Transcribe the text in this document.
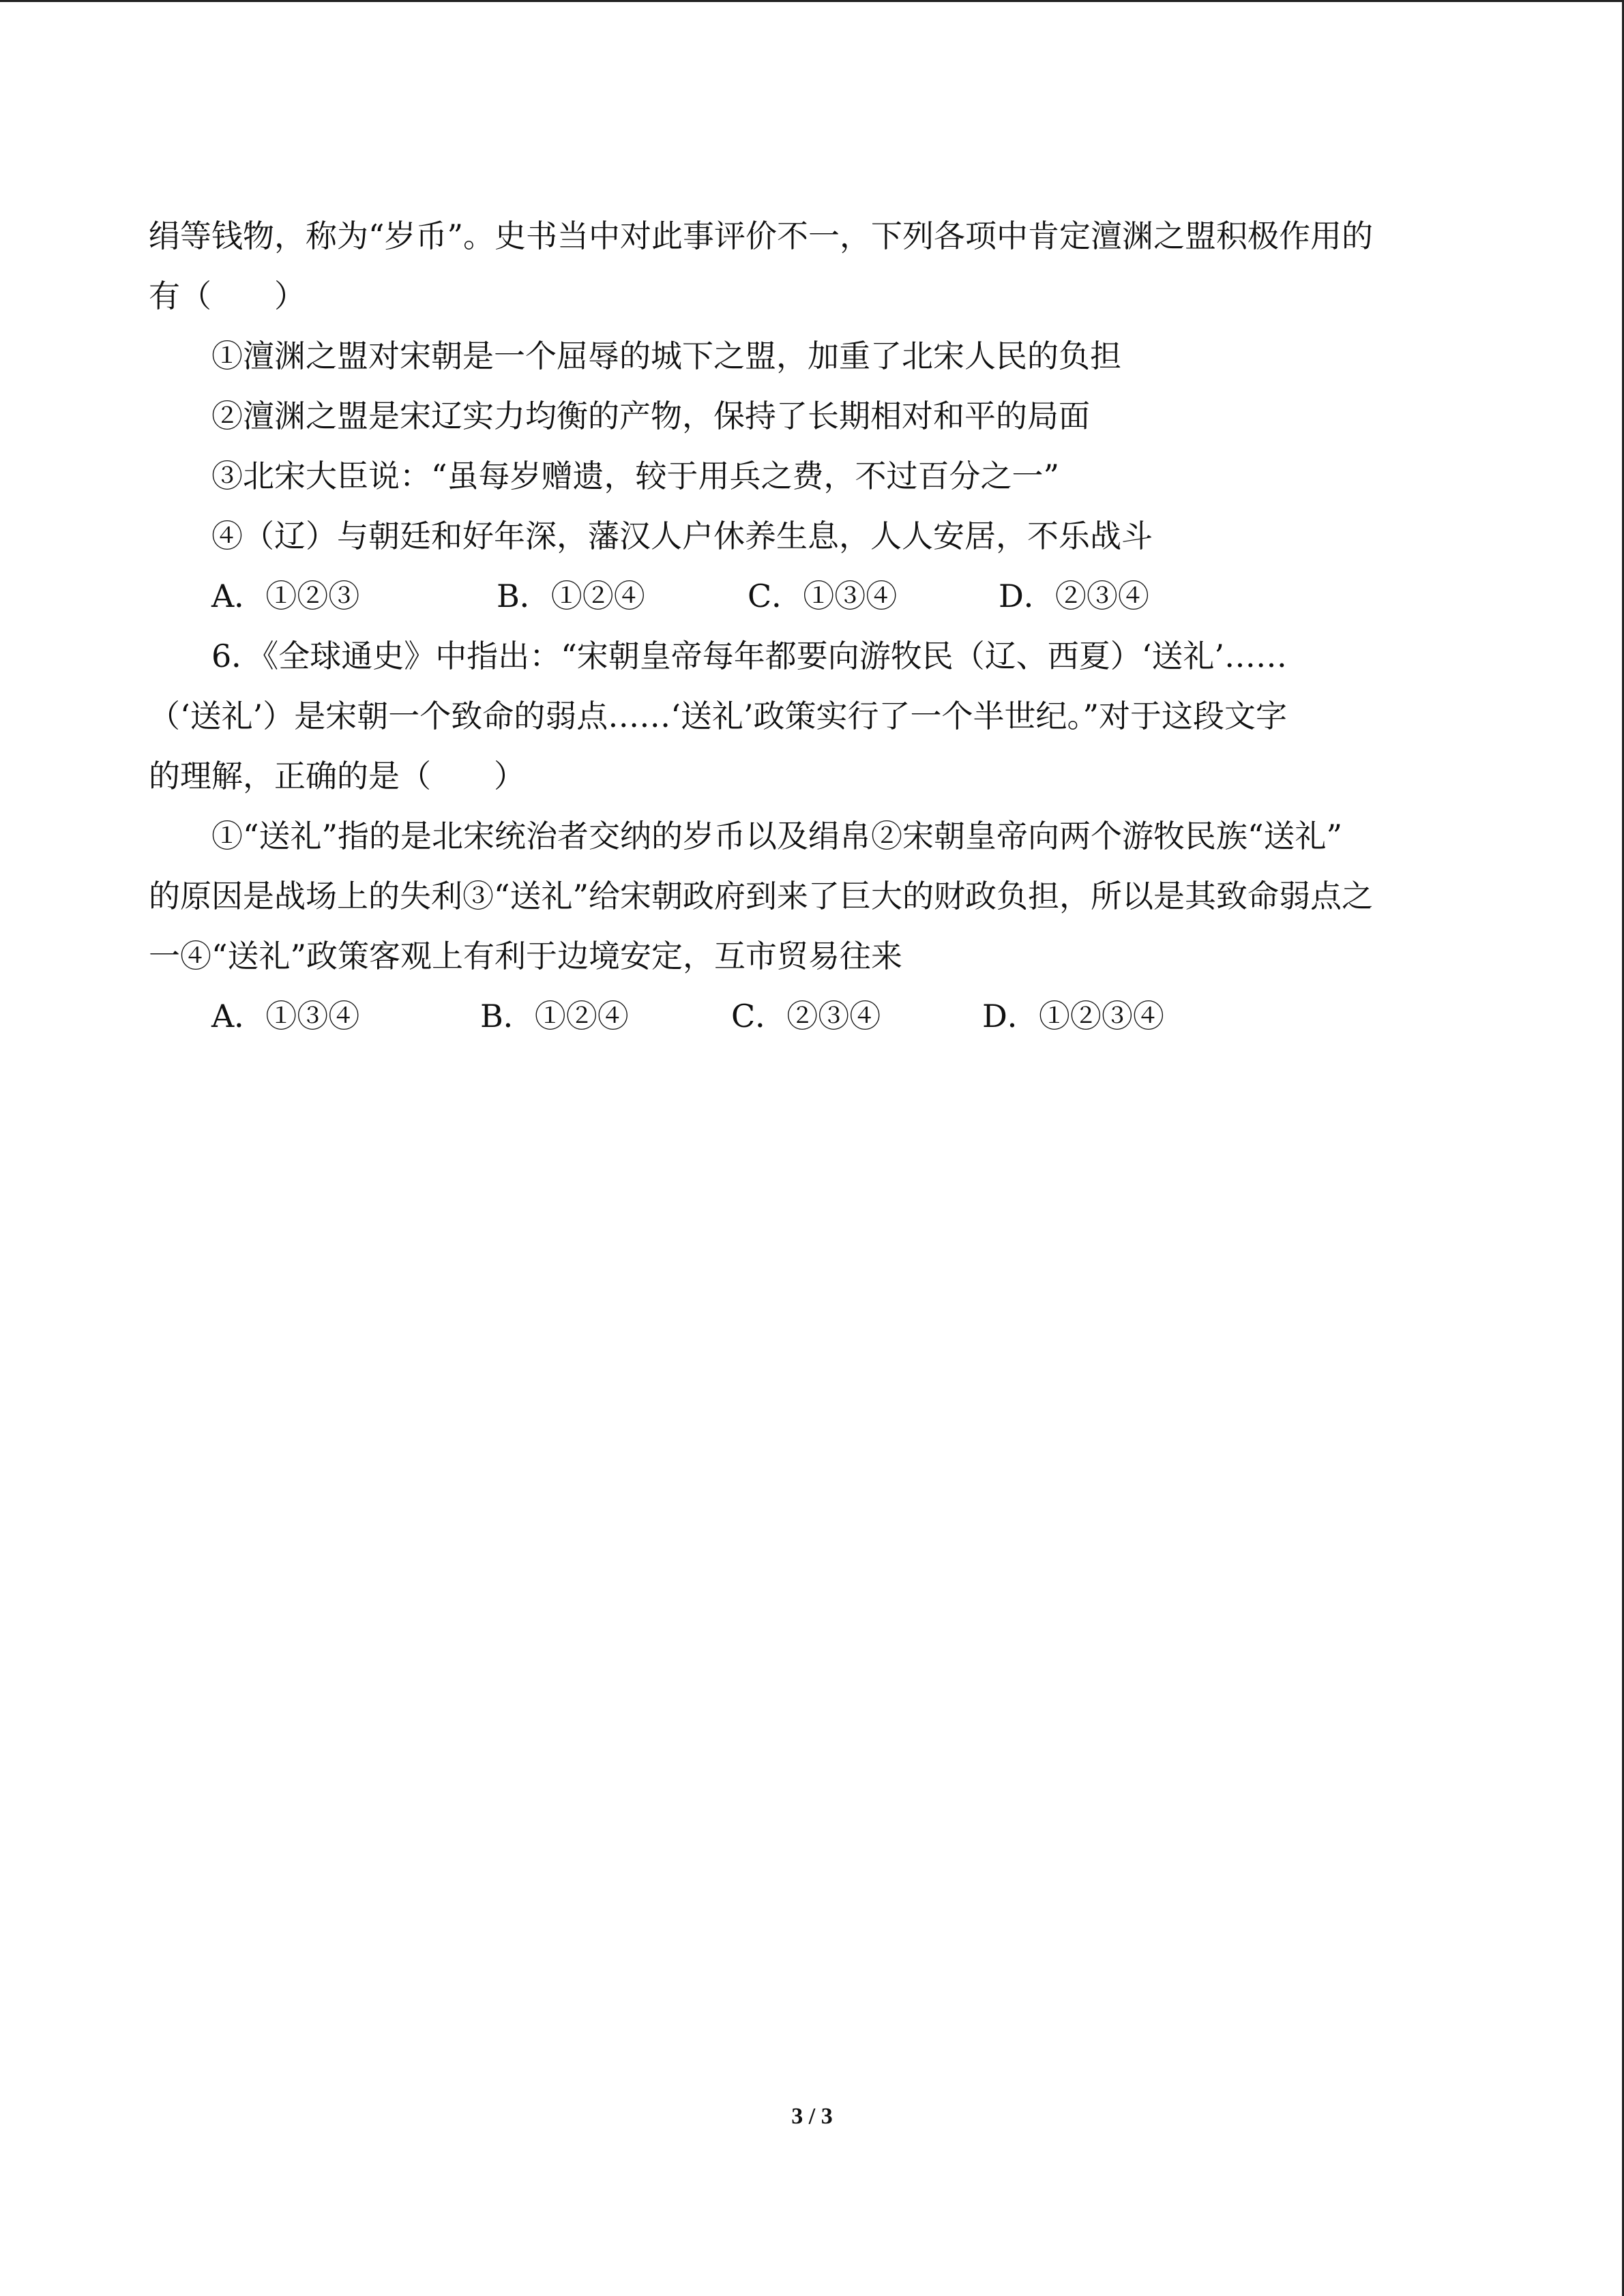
绢等钱物，称为“岁币”。史书当中对此事评价不一，下列各项中肯定澶渊之盟积极作用的
有（　　）
①澶渊之盟对宋朝是一个屈辱的城下之盟，加重了北宋人民的负担
②澶渊之盟是宋辽实力均衡的产物，保持了长期相对和平的局面
③北宋大臣说：“虽每岁赠遗，较于用兵之费，不过百分之一”
④（辽）与朝廷和好年深，藩汉人户休养生息，人人安居，不乐战斗
A．①②③	B．①②④	C．①③④	D．②③④
6．《全球通史》中指出：“宋朝皇帝每年都要向游牧民（辽、西夏）‘送礼’……
（‘送礼’）是宋朝一个致命的弱点……‘送礼’政策实行了一个半世纪。”对于这段文字
的理解，正确的是（　　）
①“送礼”指的是北宋统治者交纳的岁币以及绢帛②宋朝皇帝向两个游牧民族“送礼”
的原因是战场上的失利③“送礼”给宋朝政府到来了巨大的财政负担，所以是其致命弱点之
一④“送礼”政策客观上有利于边境安定，互市贸易往来
A．①③④	B．①②④	C．②③④	D．①②③④
3 / 3
